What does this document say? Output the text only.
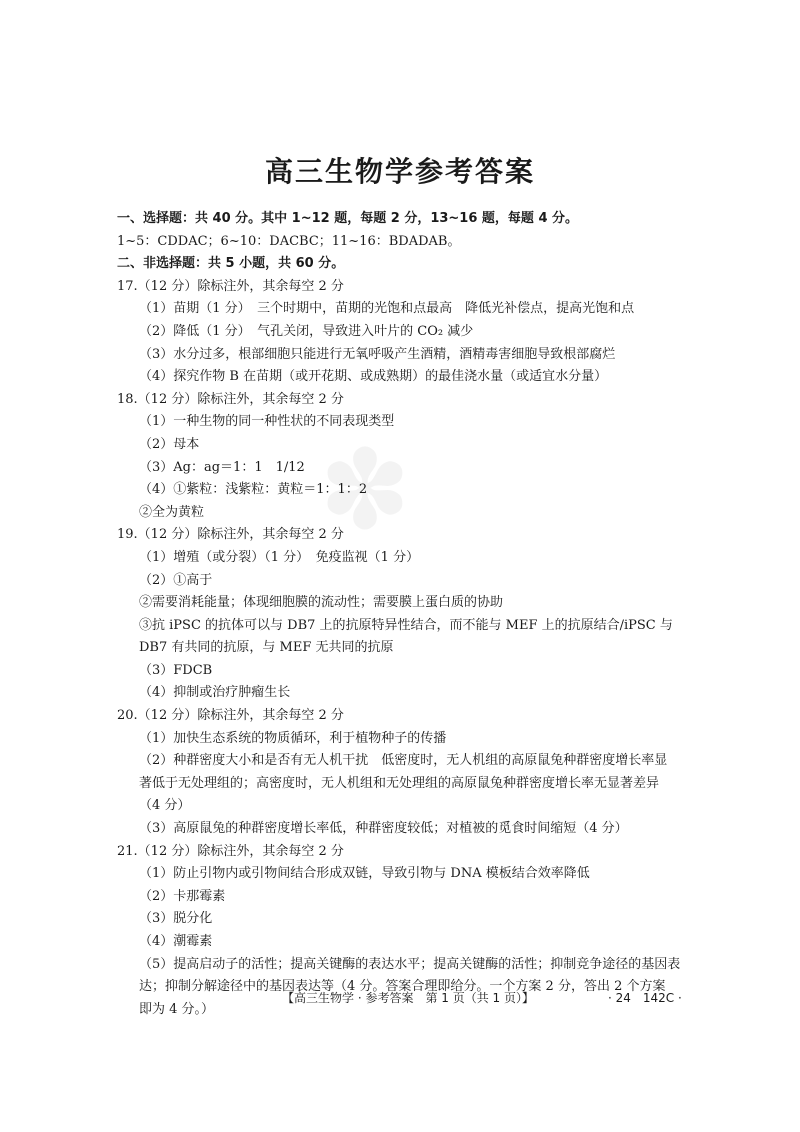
✽
高三生物学参考答案
一、选择题：共 40 分。其中 1~12 题，每题 2 分，13~16 题，每题 4 分。
1~5：CDDAC；6~10：DACBC；11~16：BDADAB。
二、非选择题：共 5 小题，共 60 分。
17.（12 分）除标注外，其余每空 2 分
（1）苗期（1 分）　三个时期中，苗期的光饱和点最高　降低光补偿点，提高光饱和点
（2）降低（1 分）　气孔关闭，导致进入叶片的 CO₂ 减少
（3）水分过多，根部细胞只能进行无氧呼吸产生酒精，酒精毒害细胞导致根部腐烂
（4）探究作物 B 在苗期（或开花期、或成熟期）的最佳浇水量（或适宜水分量）
18.（12 分）除标注外，其余每空 2 分
（1）一种生物的同一种性状的不同表现类型
（2）母本
（3）Ag：ag＝1：1　1/12
（4）①紫粒：浅紫粒：黄粒＝1：1：2
②全为黄粒
19.（12 分）除标注外，其余每空 2 分
（1）增殖（或分裂）（1 分）　免疫监视（1 分）
（2）①高于
②需要消耗能量；体现细胞膜的流动性；需要膜上蛋白质的协助
③抗 iPSC 的抗体可以与 DB7 上的抗原特异性结合，而不能与 MEF 上的抗原结合/iPSC 与
DB7 有共同的抗原，与 MEF 无共同的抗原
（3）FDCB
（4）抑制或治疗肿瘤生长
20.（12 分）除标注外，其余每空 2 分
（1）加快生态系统的物质循环，利于植物种子的传播
（2）种群密度大小和是否有无人机干扰　低密度时，无人机组的高原鼠兔种群密度增长率显
著低于无处理组的；高密度时，无人机组和无处理组的高原鼠兔种群密度增长率无显著差异
（4 分）
（3）高原鼠兔的种群密度增长率低，种群密度较低；对植被的觅食时间缩短（4 分）
21.（12 分）除标注外，其余每空 2 分
（1）防止引物内或引物间结合形成双链，导致引物与 DNA 模板结合效率降低
（2）卡那霉素
（3）脱分化
（4）潮霉素
（5）提高启动子的活性；提高关键酶的表达水平；提高关键酶的活性；抑制竞争途径的基因表
达；抑制分解途径中的基因表达等（4 分。答案合理即给分。一个方案 2 分，答出 2 个方案
即为 4 分。）
【高三生物学 · 参考答案　第 1 页（共 1 页）】	· 24　142C ·
